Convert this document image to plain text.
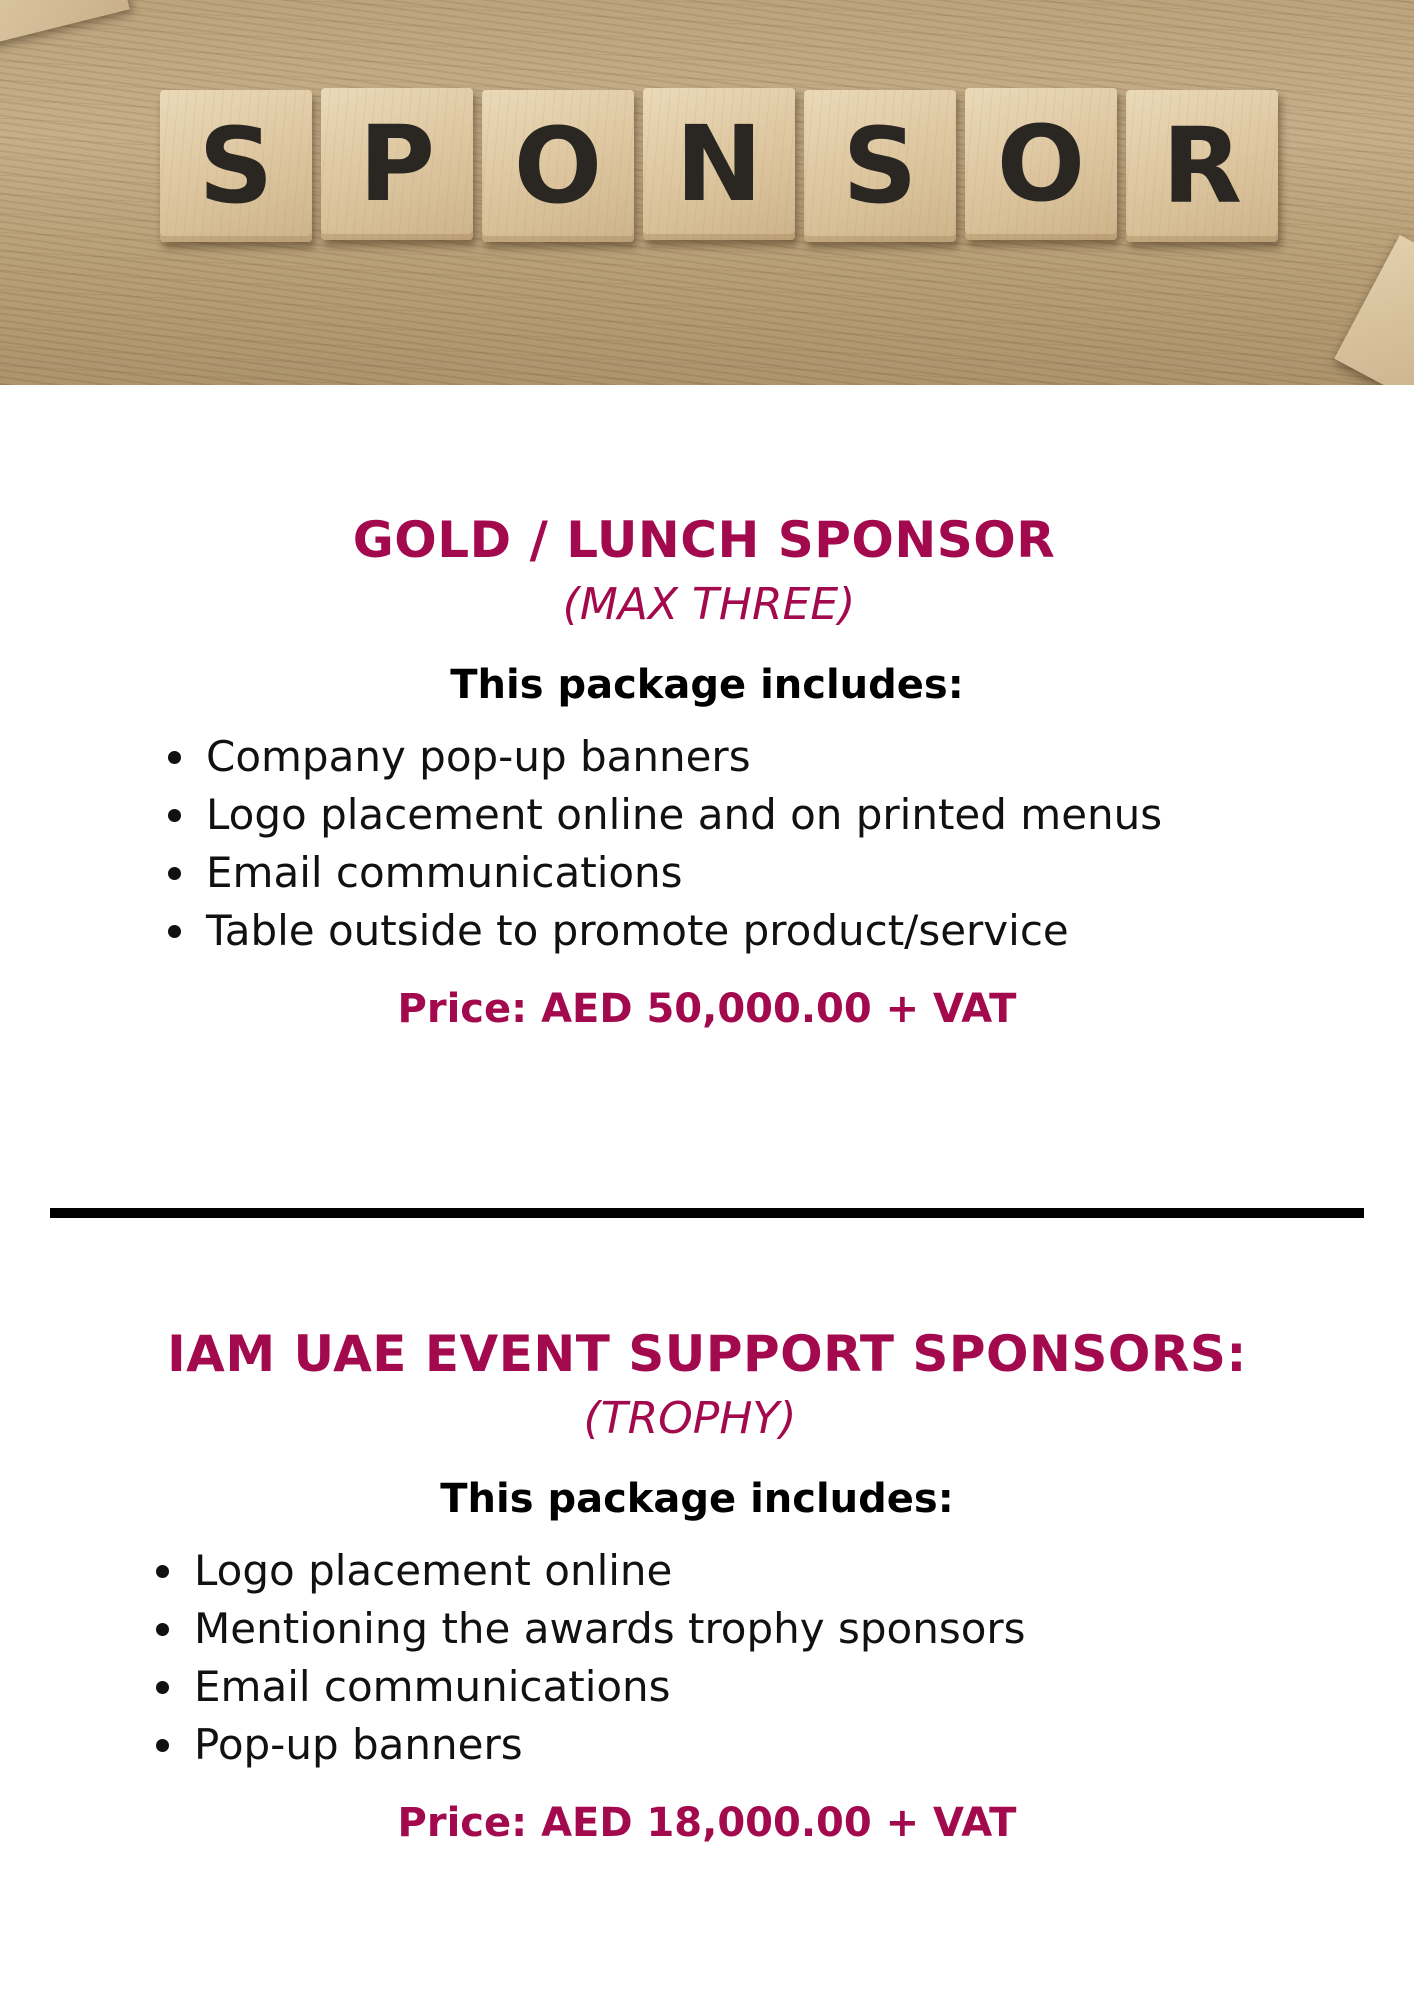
S P O N S O R
GOLD / LUNCH SPONSOR

(MAX THREE)

This package includes:

Company pop-up banners
Logo placement online and on printed menus
Email communications
Table outside to promote product/service

Price: AED 50,000.00 + VAT

IAM UAE EVENT SUPPORT SPONSORS:

(TROPHY)

This package includes:

Logo placement online
Mentioning the awards trophy sponsors
Email communications
Pop-up banners

Price: AED 18,000.00 + VAT
